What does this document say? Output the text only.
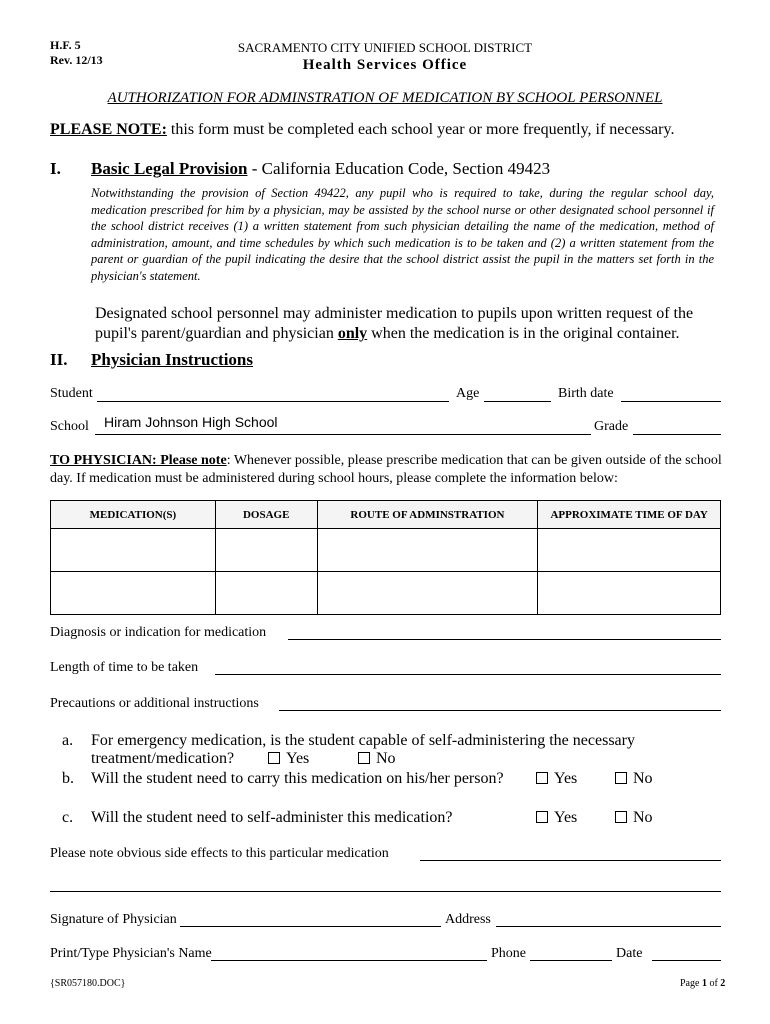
H.F. 5
Rev. 12/13
SACRAMENTO CITY UNIFIED SCHOOL DISTRICT
Health Services Office
AUTHORIZATION FOR ADMINSTRATION OF MEDICATION BY SCHOOL PERSONNEL
PLEASE NOTE: this form must be completed each school year or more frequently, if necessary.
I. Basic Legal Provision - California Education Code, Section 49423
Notwithstanding the provision of Section 49422, any pupil who is required to take, during the regular school day, medication prescribed for him by a physician, may be assisted by the school nurse or other designated school personnel if the school district receives (1) a written statement from such physician detailing the name of the medication, method of administration, amount, and time schedules by which such medication is to be taken and (2) a written statement from the parent or guardian of the pupil indicating the desire that the school district assist the pupil in the matters set forth in the physician's statement.
Designated school personnel may administer medication to pupils upon written request of the pupil's parent/guardian and physician only when the medication is in the original container.
II. Physician Instructions
Student	Age	Birth date
School Hiram Johnson High School	Grade
TO PHYSICIAN: Please note: Whenever possible, please prescribe medication that can be given outside of the school day. If medication must be administered during school hours, please complete the information below:
MEDICATION(S)	DOSAGE	ROUTE OF ADMINSTRATION	APPROXIMATE TIME OF DAY

Diagnosis or indication for medication
Length of time to be taken
Precautions or additional instructions
a. For emergency medication, is the student capable of self-administering the necessary
treatment/medication?	Yes	No
b. Will the student need to carry this medication on his/her person?	Yes	No
c. Will the student need to self-administer this medication?	Yes	No
Please note obvious side effects to this particular medication
Signature of Physician	Address
Print/Type Physician's Name	Phone	Date
{SR057180.DOC}	Page 1 of 2
